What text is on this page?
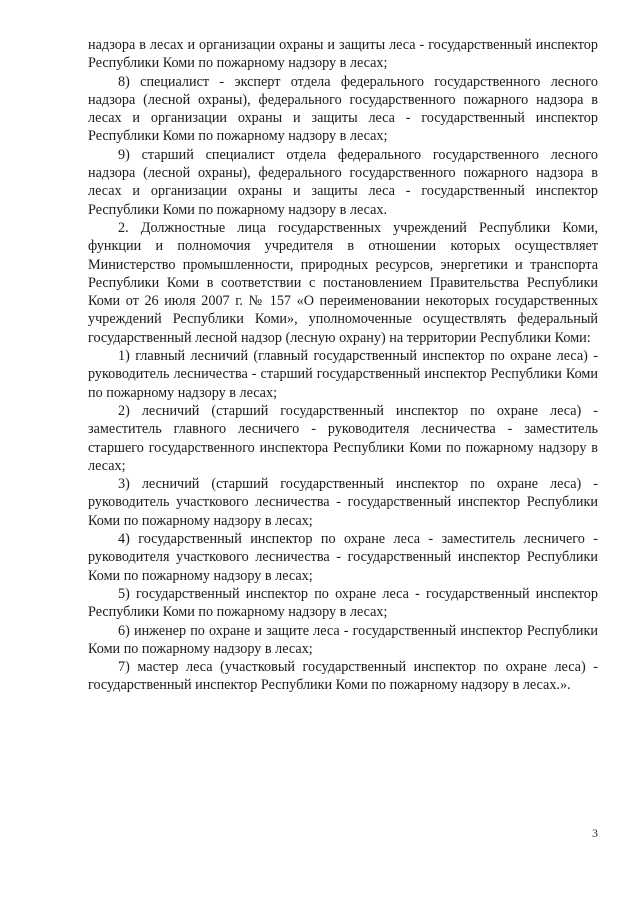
надзора в лесах и организации охраны и защиты леса - государственный инспектор Республики Коми по пожарному надзору в лесах;

8) специалист - эксперт отдела федерального государственного лесного надзора (лесной охраны), федерального государственного пожарного надзора в лесах и организации охраны и защиты леса - государственный инспектор Республики Коми по пожарному надзору в лесах;

9) старший специалист отдела федерального государственного лесного надзора (лесной охраны), федерального государственного пожарного надзора в лесах и организации охраны и защиты леса - государственный инспектор Республики Коми по пожарному надзору в лесах.

2. Должностные лица государственных учреждений Республики Коми, функции и полномочия учредителя в отношении которых осуществляет Министерство промышленности, природных ресурсов, энергетики и транспорта Республики Коми в соответствии с постановлением Правительства Республики Коми от 26 июля 2007 г. № 157 «О переименовании некоторых государственных учреждений Республики Коми», уполномоченные осуществлять федеральный государственный лесной надзор (лесную охрану) на территории Республики Коми:

1) главный лесничий (главный государственный инспектор по охране леса) - руководитель лесничества - старший государственный инспектор Республики Коми по пожарному надзору в лесах;

2) лесничий (старший государственный инспектор по охране леса) - заместитель главного лесничего - руководителя лесничества - заместитель старшего государственного инспектора Республики Коми по пожарному надзору в лесах;

3) лесничий (старший государственный инспектор по охране леса) - руководитель участкового лесничества - государственный инспектор Республики Коми по пожарному надзору в лесах;

4) государственный инспектор по охране леса - заместитель лесничего - руководителя участкового лесничества - государственный инспектор Республики Коми по пожарному надзору в лесах;

5) государственный инспектор по охране леса - государственный инспектор Республики Коми по пожарному надзору в лесах;

6) инженер по охране и защите леса - государственный инспектор Республики Коми по пожарному надзору в лесах;

7) мастер леса (участковый государственный инспектор по охране леса) - государственный инспектор Республики Коми по пожарному надзору в лесах.».

3
